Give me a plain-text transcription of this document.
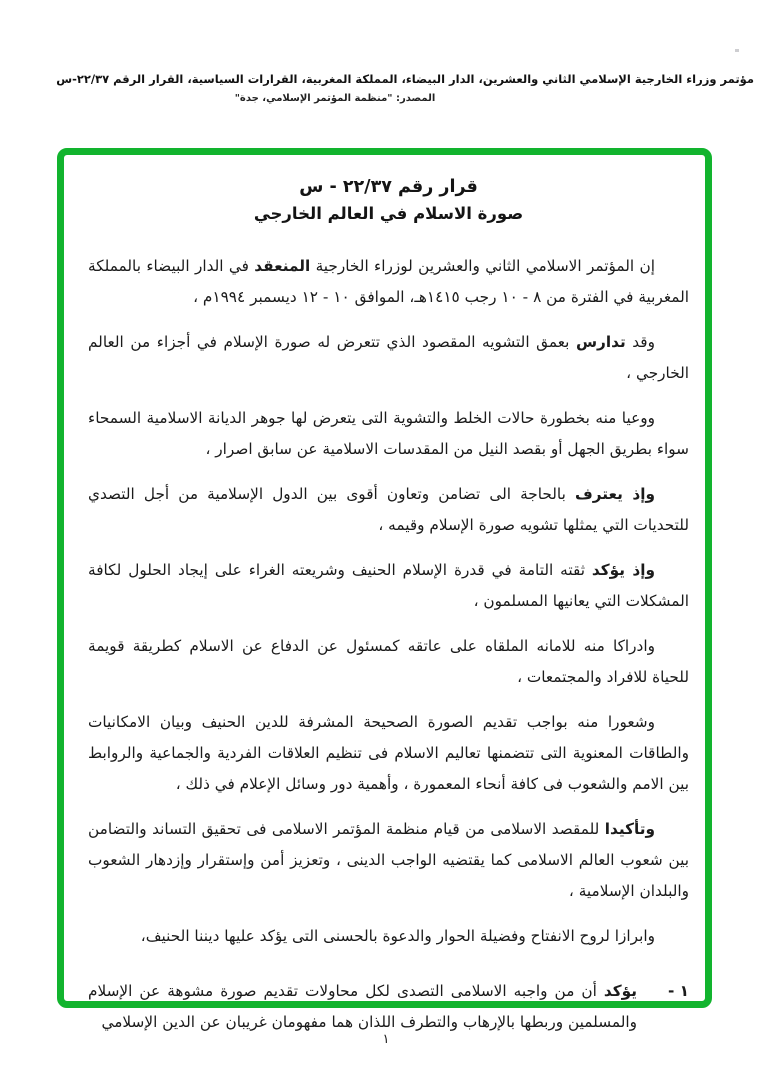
مؤتمر وزراء الخارجية الإسلامي الثاني والعشرين، الدار البيضاء، المملكة المغربية، القرارات السياسية، القرار الرقم ٢٢/٣٧-س
المصدر: "منظمة المؤتمر الإسلامي، جدة"
قرار رقم ٢٢/٣٧ - س
صورة الاسلام في العالم الخارجي

إن المؤتمر الاسلامي الثاني والعشرين لوزراء الخارجية المنعقد في الدار البيضاء بالمملكة المغربية في الفترة من ٨ - ١٠ رجب ١٤١٥هـ، الموافق ١٠ - ١٢ ديسمبر ١٩٩٤م ،

وقد تدارس بعمق التشويه المقصود الذي تتعرض له صورة الإسلام في أجزاء من العالم الخارجي ،

ووعيا منه بخطورة حالات الخلط والتشوية التى يتعرض لها جوهر الديانة الاسلامية السمحاء سواء بطريق الجهل أو بقصد النيل من المقدسات الاسلامية عن سابق اصرار ،

وإذ يعترف بالحاجة الى تضامن وتعاون أقوى بين الدول الإسلامية من أجل التصدي للتحديات التي يمثلها تشويه صورة الإسلام وقيمه ،

وإذ يؤكد ثقته التامة في قدرة الإسلام الحنيف وشريعته الغراء على إيجاد الحلول لكافة المشكلات التي يعانيها المسلمون ،

وادراكا منه للامانه الملقاه على عاتقه كمسئول عن الدفاع عن الاسلام كطريقة قويمة للحياة للافراد والمجتمعات ،

وشعورا منه بواجب تقديم الصورة الصحيحة المشرفة للدين الحنيف وبيان الامكانيات والطاقات المعنوية التى تتضمنها تعاليم الاسلام فى تنظيم العلاقات الفردية والجماعية والروابط بين الامم والشعوب فى كافة أنحاء المعمورة ، وأهمية دور وسائل الإعلام في ذلك ،

وتأكيدا للمقصد الاسلامى من قيام منظمة المؤتمر الاسلامى فى تحقيق التساند والتضامن بين شعوب العالم الاسلامى كما يقتضيه الواجب الدينى ، وتعزيز أمن وإستقرار وإزدهار الشعوب والبلدان الإسلامية ،

وابرازا لروح الانفتاح وفضيلة الحوار والدعوة بالحسنى التى يؤكد عليها ديننا الحنيف،

١ -
يؤكد أن من واجبه الاسلامى التصدى لكل محاولات تقديم صورة مشوهة عن الإسلام والمسلمين وربطها بالإرهاب والتطرف اللذان هما مفهومان غريبان عن الدين الإسلامي
١
